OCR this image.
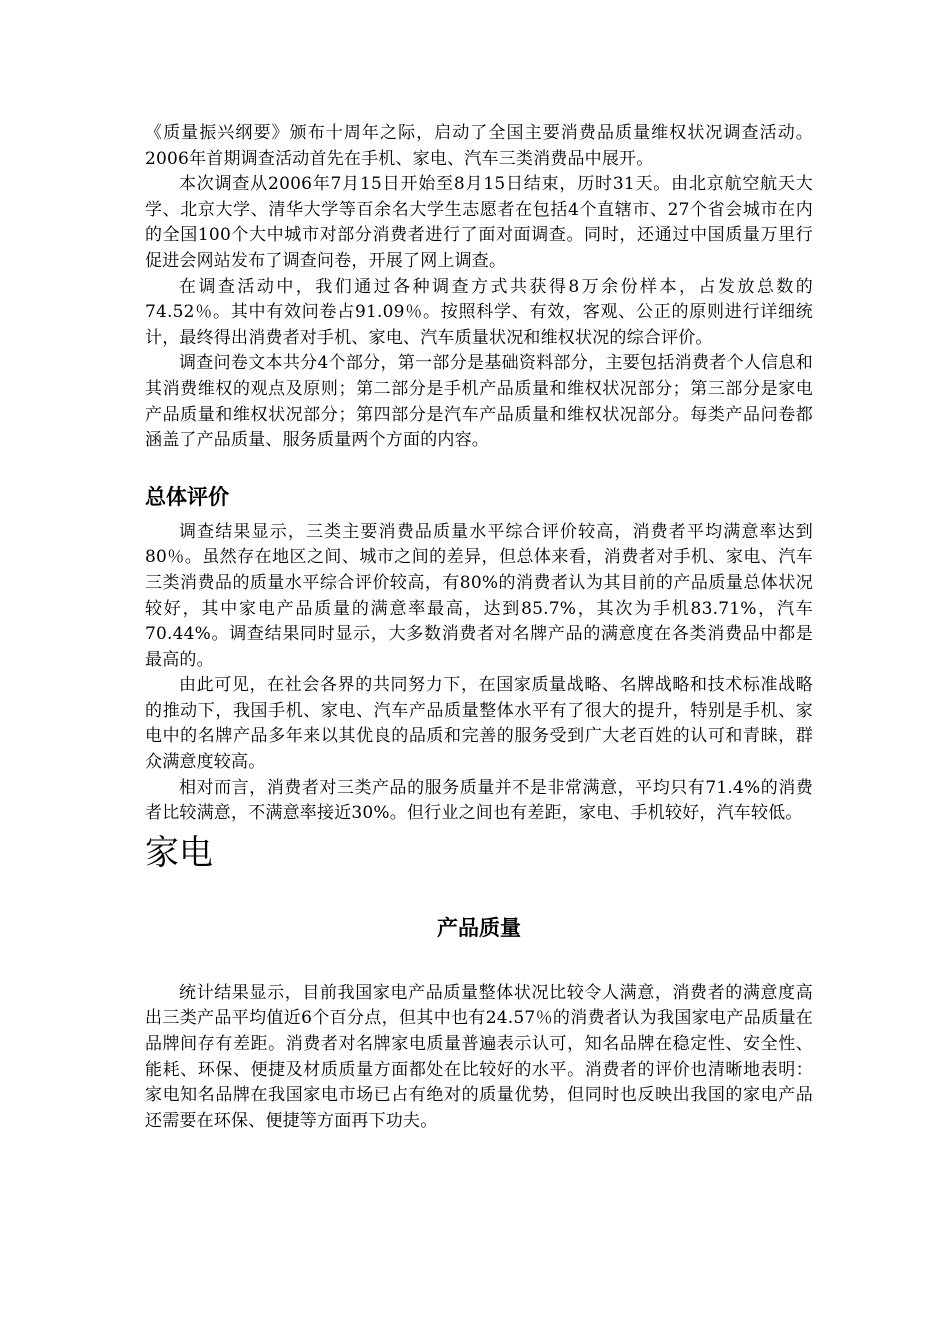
《质量振兴纲要》颁布十周年之际，启动了全国主要消费品质量维权状况调查活动。2006年首期调查活动首先在手机、家电、汽车三类消费品中展开。

本次调查从2006年7月15日开始至8月15日结束，历时31天。由北京航空航天大学、北京大学、清华大学等百余名大学生志愿者在包括4个直辖市、27个省会城市在内的全国100个大中城市对部分消费者进行了面对面调查。同时，还通过中国质量万里行促进会网站发布了调查问卷，开展了网上调查。

在调查活动中，我们通过各种调查方式共获得8万余份样本，占发放总数的74.52％。其中有效问卷占91.09％。按照科学、有效，客观、公正的原则进行详细统计，最终得出消费者对手机、家电、汽车质量状况和维权状况的综合评价。

调查问卷文本共分4个部分，第一部分是基础资料部分，主要包括消费者个人信息和其消费维权的观点及原则；第二部分是手机产品质量和维权状况部分；第三部分是家电产品质量和维权状况部分；第四部分是汽车产品质量和维权状况部分。每类产品问卷都涵盖了产品质量、服务质量两个方面的内容。

总体评价

调查结果显示，三类主要消费品质量水平综合评价较高，消费者平均满意率达到80％。虽然存在地区之间、城市之间的差异，但总体来看，消费者对手机、家电、汽车三类消费品的质量水平综合评价较高，有80%的消费者认为其目前的产品质量总体状况较好，其中家电产品质量的满意率最高，达到85.7%，其次为手机83.71%，汽车70.44%。调查结果同时显示，大多数消费者对名牌产品的满意度在各类消费品中都是最高的。

由此可见，在社会各界的共同努力下，在国家质量战略、名牌战略和技术标准战略的推动下，我国手机、家电、汽车产品质量整体水平有了很大的提升，特别是手机、家电中的名牌产品多年来以其优良的品质和完善的服务受到广大老百姓的认可和青睐，群众满意度较高。

相对而言，消费者对三类产品的服务质量并不是非常满意，平均只有71.4%的消费者比较满意，不满意率接近30%。但行业之间也有差距，家电、手机较好，汽车较低。

家电
产品质量

统计结果显示，目前我国家电产品质量整体状况比较令人满意，消费者的满意度高出三类产品平均值近6个百分点，但其中也有24.57％的消费者认为我国家电产品质量在品牌间存有差距。消费者对名牌家电质量普遍表示认可，知名品牌在稳定性、安全性、能耗、环保、便捷及材质质量方面都处在比较好的水平。消费者的评价也清晰地表明：家电知名品牌在我国家电市场已占有绝对的质量优势，但同时也反映出我国的家电产品还需要在环保、便捷等方面再下功夫。
